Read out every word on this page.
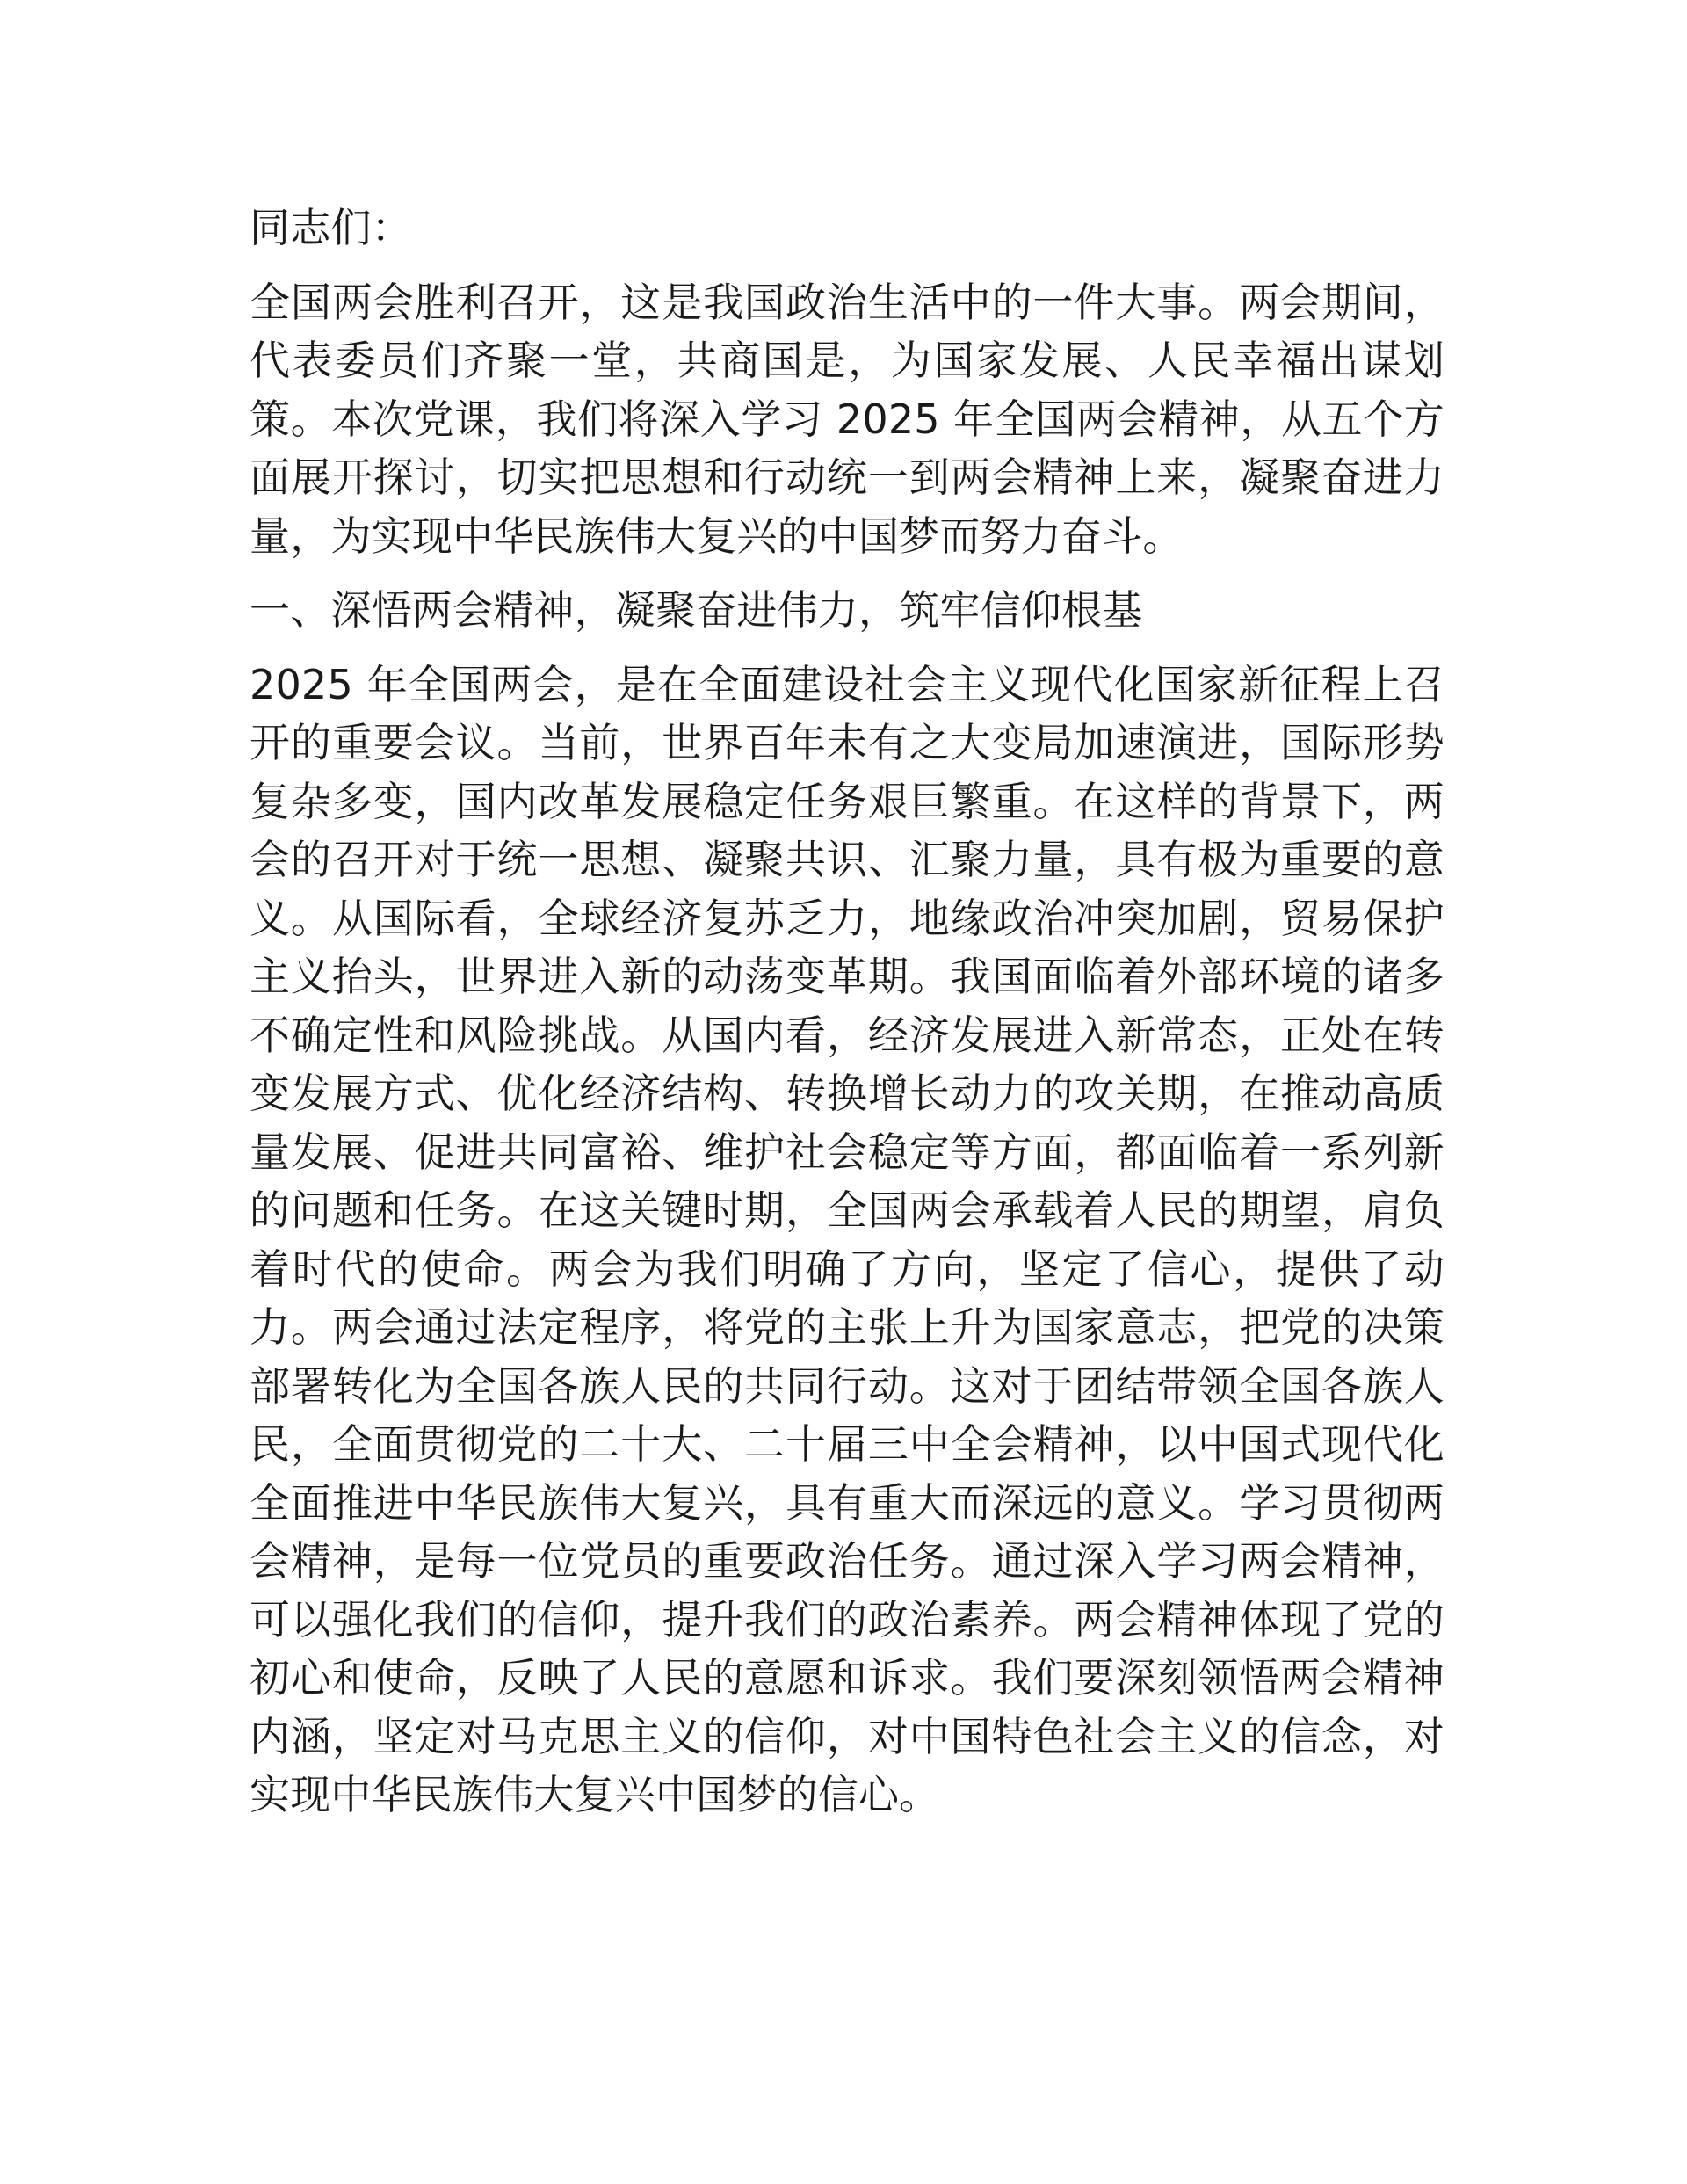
同志们：

全国两会胜利召开，这是我国政治生活中的一件大事。两会期间，代表委员们齐聚一堂，共商国是，为国家发展、人民幸福出谋划策。本次党课，我们将深入学习 2025 年全国两会精神，从五个方面展开探讨，切实把思想和行动统一到两会精神上来，凝聚奋进力量，为实现中华民族伟大复兴的中国梦而努力奋斗。

一、深悟两会精神，凝聚奋进伟力，筑牢信仰根基

2025 年全国两会，是在全面建设社会主义现代化国家新征程上召开的重要会议。当前，世界百年未有之大变局加速演进，国际形势复杂多变，国内改革发展稳定任务艰巨繁重。在这样的背景下，两会的召开对于统一思想、凝聚共识、汇聚力量，具有极为重要的意义。从国际看，全球经济复苏乏力，地缘政治冲突加剧，贸易保护主义抬头，世界进入新的动荡变革期。我国面临着外部环境的诸多不确定性和风险挑战。从国内看，经济发展进入新常态，正处在转变发展方式、优化经济结构、转换增长动力的攻关期，在推动高质量发展、促进共同富裕、维护社会稳定等方面，都面临着一系列新的问题和任务。在这关键时期，全国两会承载着人民的期望，肩负着时代的使命。两会为我们明确了方向，坚定了信心，提供了动力。两会通过法定程序，将党的主张上升为国家意志，把党的决策部署转化为全国各族人民的共同行动。这对于团结带领全国各族人民，全面贯彻党的二十大、二十届三中全会精神，以中国式现代化全面推进中华民族伟大复兴，具有重大而深远的意义。学习贯彻两会精神，是每一位党员的重要政治任务。通过深入学习两会精神，可以强化我们的信仰，提升我们的政治素养。两会精神体现了党的初心和使命，反映了人民的意愿和诉求。我们要深刻领悟两会精神内涵，坚定对马克思主义的信仰，对中国特色社会主义的信念，对实现中华民族伟大复兴中国梦的信心。
